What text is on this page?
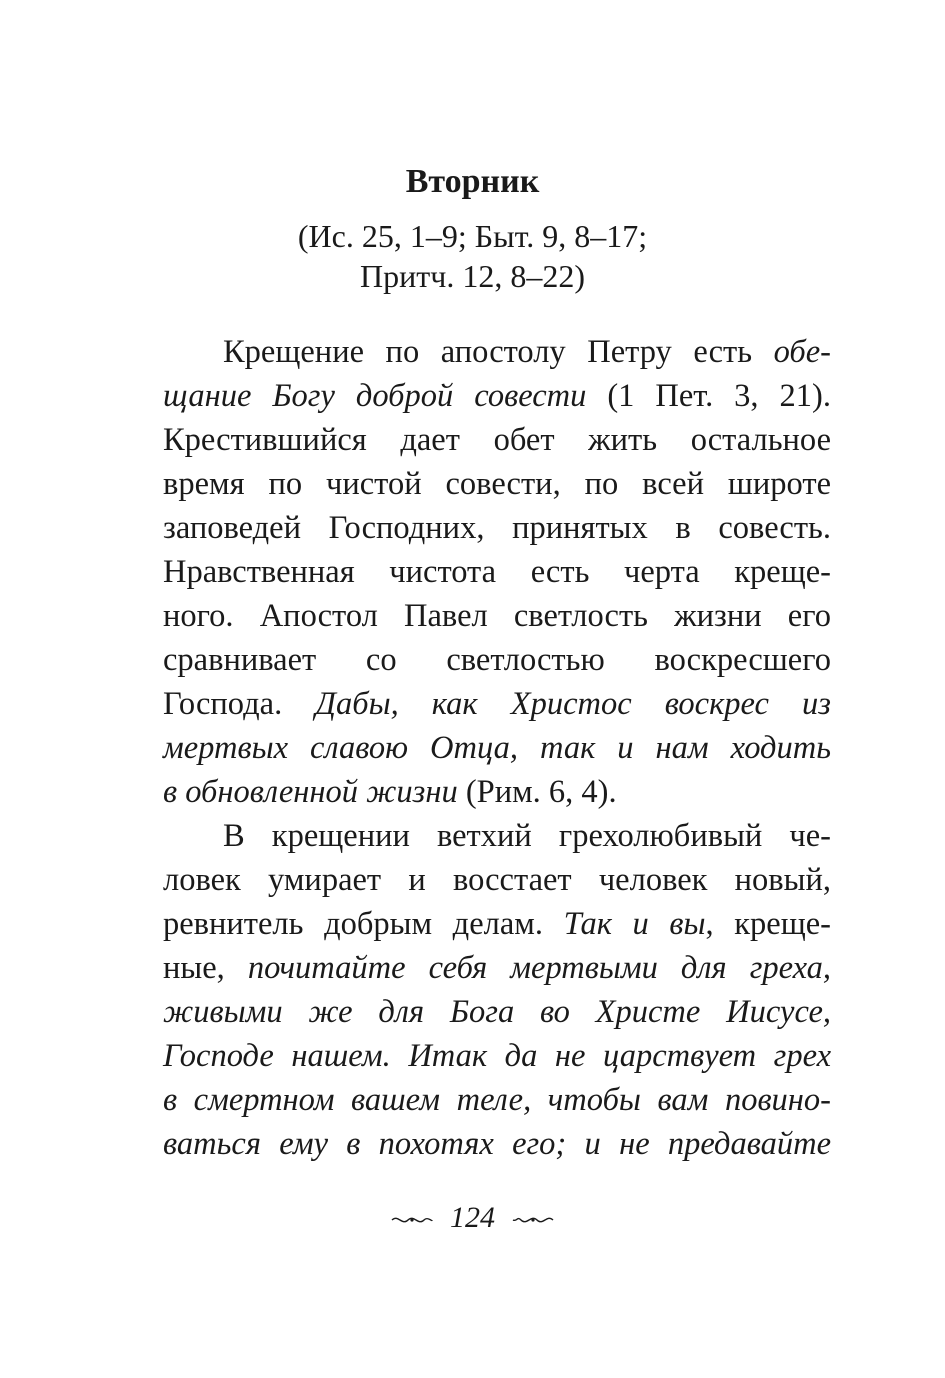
Вторник
(Ис. 25, 1–9; Быт. 9, 8–17;
Притч. 12, 8–22)
Крещение по апостолу Петру есть обе-
щание Богу доброй совести (1 Пет. 3, 21).
Крестившийся дает обет жить остальное
время по чистой совести, по всей широте
заповедей Господних, принятых в совесть.
Нравственная чистота есть черта креще-
ного. Апостол Павел светлость жизни его
сравнивает со светлостью воскресшего
Господа. Дабы, как Христос воскрес из
мертвых славою Отца, так и нам ходить
в обновленной жизни (Рим. 6, 4).
В крещении ветхий грехолюбивый че-
ловек умирает и восстает человек новый,
ревнитель добрым делам. Так и вы, креще-
ные, почитайте себя мертвыми для греха,
живыми же для Бога во Христе Иисусе,
Господе нашем. Итак да не царствует грех
в смертном вашем теле, чтобы вам повино-
ваться ему в похотях его; и не предавайте
124
